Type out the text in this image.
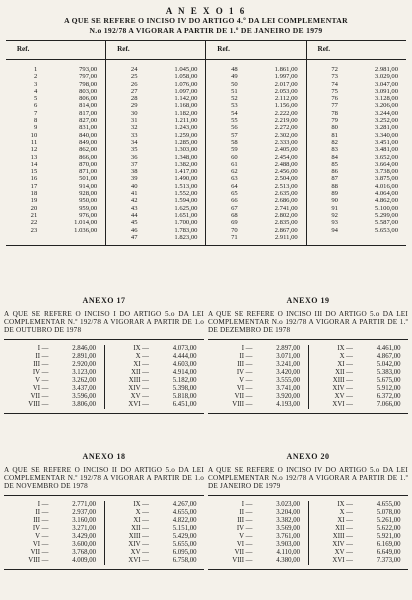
A N E X O 1 6
A QUE SE REFERE O INCISO IV DO ARTIGO 4.º DA LEI COMPLEMENTAR
N.o 192/78 A VIGORAR A PARTIR DE 1.º DE JANEIRO DE 1979
Ref.		Ref.		Ref.		Ref.	

1	793,00	24	1.045,00	48	1.861,00	72	2.981,00
2	797,00	25	1.058,00	49	1.997,00	73	3.029,00
3	798,00	26	1.076,00	50	2.017,00	74	3.047,00
4	803,00	27	1.097,00	51	2.053,00	75	3.091,00
5	806,00	28	1.142,00	52	2.112,00	76	3.128,00
6	814,00	29	1.168,00	53	1.156,00	77	3.206,00
7	817,00	30	1.182,00	54	2.222,00	78	3.244,00
8	827,00	31	1.211,00	55	2.219,00	79	3.252,00
9	831,00	32	1.243,00	56	2.272,00	80	3.281,00
10	840,00	33	1.259,00	57	2.302,00	81	3.340,00
11	849,00	34	1.285,00	58	2.333,00	82	3.451,00
12	862,00	35	1.303,00	59	2.405,00	83	3.481,00
13	866,00	36	1.348,00	60	2.454,00	84	3.652,00
14	870,00	37	1.382,00	61	2.488,00	85	3.664,00
15	871,00	38	1.417,00	62	2.456,00	86	3.738,00
16	501,00	39	1.490,00	63	2.504,00	87	3.875,00
17	914,00	40	1.513,00	64	2.513,00	88	4.016,00
18	928,00	41	1.552,00	65	2.635,00	89	4.064,00
19	950,00	42	1.594,00	66	2.686,00	90	4.862,00
20	959,00	43	1.625,00	67	2.741,00	91	5.100,00
21	976,00	44	1.651,00	68	2.802,00	92	5.299,00
22	1.014,00	45	1.700,00	69	2.835,00	93	5.587,00
23	1.036,00	46	1.783,00	70	2.867,00	94	5.653,00
		47	1.823,00	71	2.911,00		

ANEXO 17
A QUE SE REFERE O INCISO I DO ARTIGO 5.o DA LEI COMPLEMENTAR N.º 192/78 A VIGORAR A PARTIR DE 1.o DE OUTUBRO DE 1978
I —	2.846,00
II —	2.891,00
III —	2.920,00
IV —	3.123,00
V —	3.262,00
VI —	3.437,00
VII —	3.596,00
VIII —	3.806,00
IX —	4.073,00
X —	4.444,00
XI —	4.603,00
XII —	4.914,00
XIII —	5.182,00
XIV —	5.398,00
XV —	5.818,00
XVI —	6.451,00
ANEXO 19
A QUE SE REFERE O INCISO III DO ARTIGO 5.o DA LEI COMPLEMENTAR N.o 192/78 A VIGORAR A PARTIR DE 1.º DE DEZEMBRO DE 1978
I —	2.897,00
II —	3.071,00
III —	3.241,00
IV —	3.420,00
V —	3.555,00
VI —	3.741,00
VII —	3.920,00
VIII —	4.193,00
IX —	4.461,00
X —	4.867,00
XI —	5.042,00
XII —	5.383,00
XIII —	5.675,00
XIV —	5.912,00
XV —	6.372,00
XVI —	7.066,00
ANEXO 18
A QUE SE REFERE O INCISO II DO ARTIGO 5.o DA LEI COMPLEMENTAR N.º 192/78 A VIGORAR A PARTIR DE 1.o DE NOVEMBRO DE 1978
I —	2.771,00
II —	2.937,00
III —	3.160,00
IV —	3.271,00
V —	3.429,00
VI —	3.600,00
VII —	3.768,00
VIII —	4.009,00
IX —	4.267,00
X —	4.655,00
XI —	4.822,00
XII —	5.151,00
XIII —	5.429,00
XIV —	5.655,00
XV —	6.095,00
XVI —	6.758,00
ANEXO 20
A QUE SE REFERE O INCISO IV DO ARTIGO 5.o DA LEI COMPLEMENTAR N.o 192/78 A VIGORAR A PARTIR DE 1.º DE JANEIRO DE 1979
I —	3.023,00
II —	3.204,00
III —	3.382,00
IV —	3.569,00
V —	3.761,00
VI —	3.903,00
VII —	4.110,00
VIII —	4.380,00
IX —	4.655,00
X —	5.078,00
XI —	5.261,00
XII —	5.622,00
XIII —	5.921,00
XIV —	6.169,00
XV —	6.649,00
XVI —	7.373,00
